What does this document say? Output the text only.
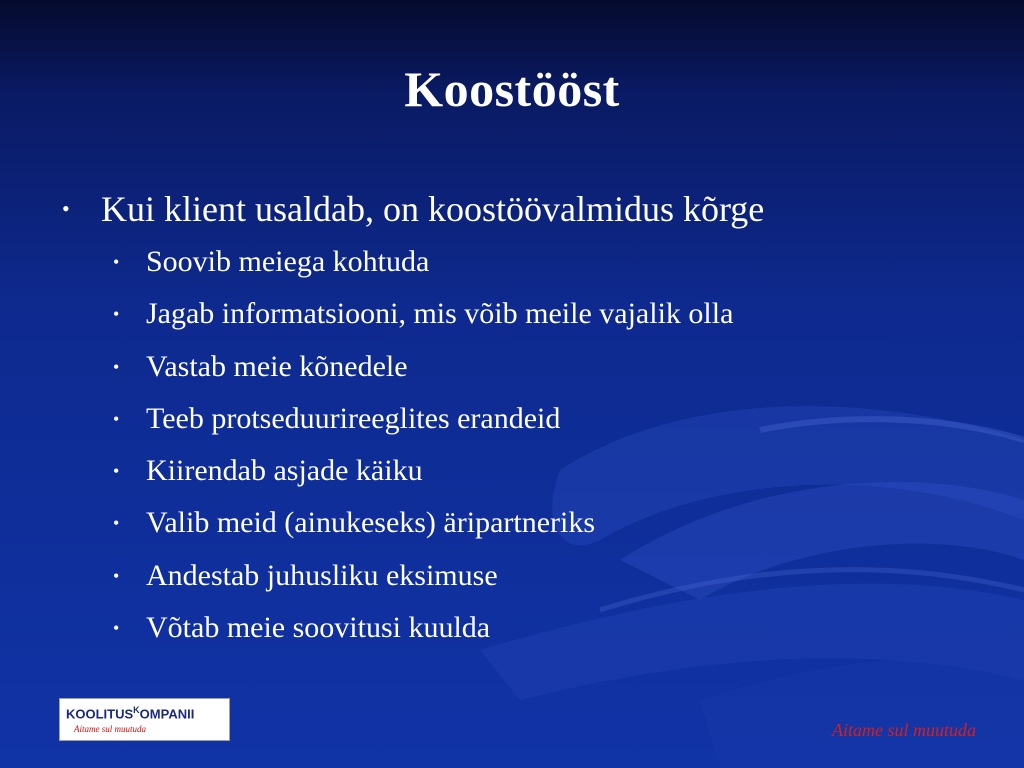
Koostööst
• Kui klient usaldab, on koostöövalmidus kõrge
• Soovib meiega kohtuda
• Jagab informatsiooni, mis võib meile vajalik olla
• Vastab meie kõnedele
• Teeb protseduurireeglites erandeid
• Kiirendab asjade käiku
• Valib meid (ainukeseks) äripartneriks
• Andestab juhusliku eksimuse
• Võtab meie soovitusi kuulda
$KOOLITUS^KOMPANII$
Aitame sul muutuda	Aitame sul muutuda
